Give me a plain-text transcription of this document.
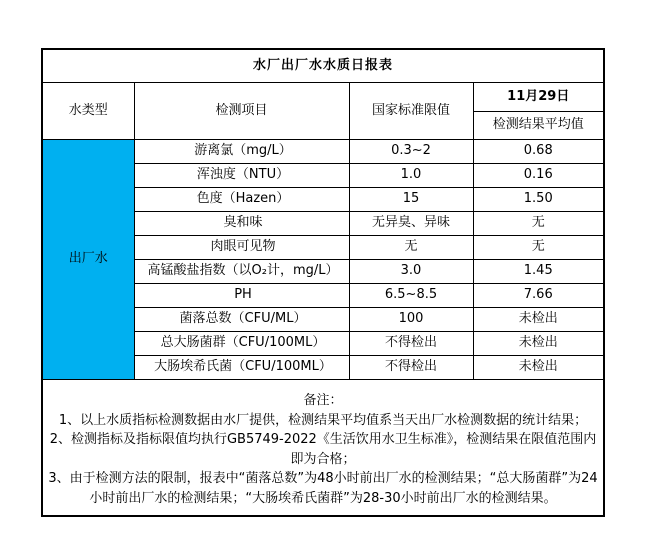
水厂出厂水水质日报表			
水类型	检测项目	国家标准限值	11月29日
			检测结果平均值
出厂水	游离氯（mg/L）	0.3~2	0.68
	浑浊度（NTU）	1.0	0.16
	色度（Hazen）	15	1.50
	臭和味	无异臭、异味	无
	肉眼可见物	无	无
	高锰酸盐指数（以O₂计，mg/L）	3.0	1.45
	PH	6.5~8.5	7.66
	菌落总数（CFU/ML）	100	未检出
	总大肠菌群（CFU/100ML）	不得检出	未检出
	大肠埃希氏菌（CFU/100ML）	不得检出	未检出

备注：
1、以上水质指标检测数据由水厂提供，检测结果平均值系当天出厂水检测数据的统计结果；
2、检测指标及指标限值均执行GB5749-2022《生活饮用水卫生标准》，检测结果在限值范围内即为合格；
3、由于检测方法的限制，报表中“菌落总数”为48小时前出厂水的检测结果；“总大肠菌群”为24小时前出厂水的检测结果；“大肠埃希氏菌群”为28-30小时前出厂水的检测结果。			
